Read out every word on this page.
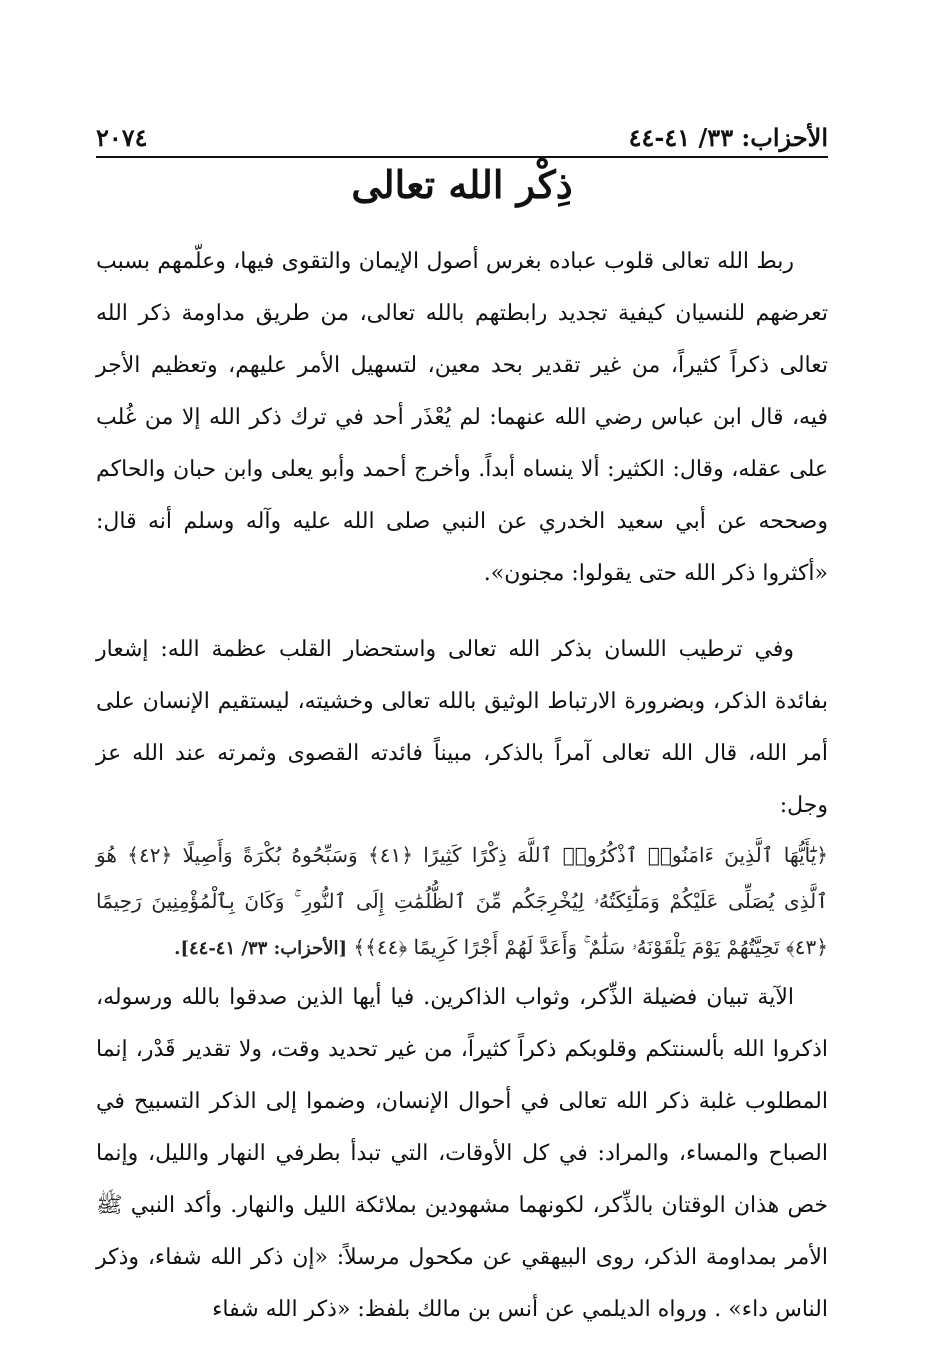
الأحزاب: ٣٣/ ٤١-٤٤
٢٠٧٤
ذِكْر الله تعالى

ربط الله تعالى قلوب عباده بغرس أصول الإيمان والتقوى فيها، وعلّمهم بسبب تعرضهم للنسيان كيفية تجديد رابطتهم بالله تعالى، من طريق مداومة ذكر الله تعالى ذكراً كثيراً، من غير تقدير بحد معين، لتسهيل الأمر عليهم، وتعظيم الأجر فيه، قال ابن عباس رضي الله عنهما: لم يُعْذَر أحد في ترك ذكر الله إلا من غُلب على عقله، وقال: الكثير: ألا ينساه أبداً. وأخرج أحمد وأبو يعلى وابن حبان والحاكم وصححه عن أبي سعيد الخدري عن النبي صلى الله عليه وآله وسلم أنه قال: «أكثروا ذكر الله حتى يقولوا: مجنون».

وفي ترطيب اللسان بذكر الله تعالى واستحضار القلب عظمة الله: إشعار بفائدة الذكر، وبضرورة الارتباط الوثيق بالله تعالى وخشيته، ليستقيم الإنسان على أمر الله، قال الله تعالى آمراً بالذكر، مبيناً فائدته القصوى وثمرته عند الله عز وجل:

﴿يَٰٓأَيُّهَا ٱلَّذِينَ ءَامَنُوا۟ ٱذْكُرُوا۟ ٱللَّهَ ذِكْرًا كَثِيرًا ﴿٤١﴾ وَسَبِّحُوهُ بُكْرَةً وَأَصِيلًا ﴿٤٢﴾ هُوَ ٱلَّذِى يُصَلِّى عَلَيْكُمْ وَمَلَٰٓئِكَتُهُۥ لِيُخْرِجَكُم مِّنَ ٱلظُّلُمَٰتِ إِلَى ٱلنُّورِ ۚ وَكَانَ بِٱلْمُؤْمِنِينَ رَحِيمًا ﴿٤٣﴾ تَحِيَّتُهُمْ يَوْمَ يَلْقَوْنَهُۥ سَلَٰمٌ ۚ وَأَعَدَّ لَهُمْ أَجْرًا كَرِيمًا ﴿٤٤﴾﴾ [الأحزاب: ٣٣/ ٤١-٤٤].

الآية تبيان فضيلة الذِّكر، وثواب الذاكرين. فيا أيها الذين صدقوا بالله ورسوله، اذكروا الله بألسنتكم وقلوبكم ذكراً كثيراً، من غير تحديد وقت، ولا تقدير قَدْر، إنما المطلوب غلبة ذكر الله تعالى في أحوال الإنسان، وضموا إلى الذكر التسبيح في الصباح والمساء، والمراد: في كل الأوقات، التي تبدأ بطرفي النهار والليل، وإنما خص هذان الوقتان بالذِّكر، لكونهما مشهودين بملائكة الليل والنهار. وأكد النبي ﷺ الأمر بمداومة الذكر، روى البيهقي عن مكحول مرسلاً: «إن ذكر الله شفاء، وذكر الناس داء» . ورواه الديلمي عن أنس بن مالك بلفظ: «ذكر الله شفاء
